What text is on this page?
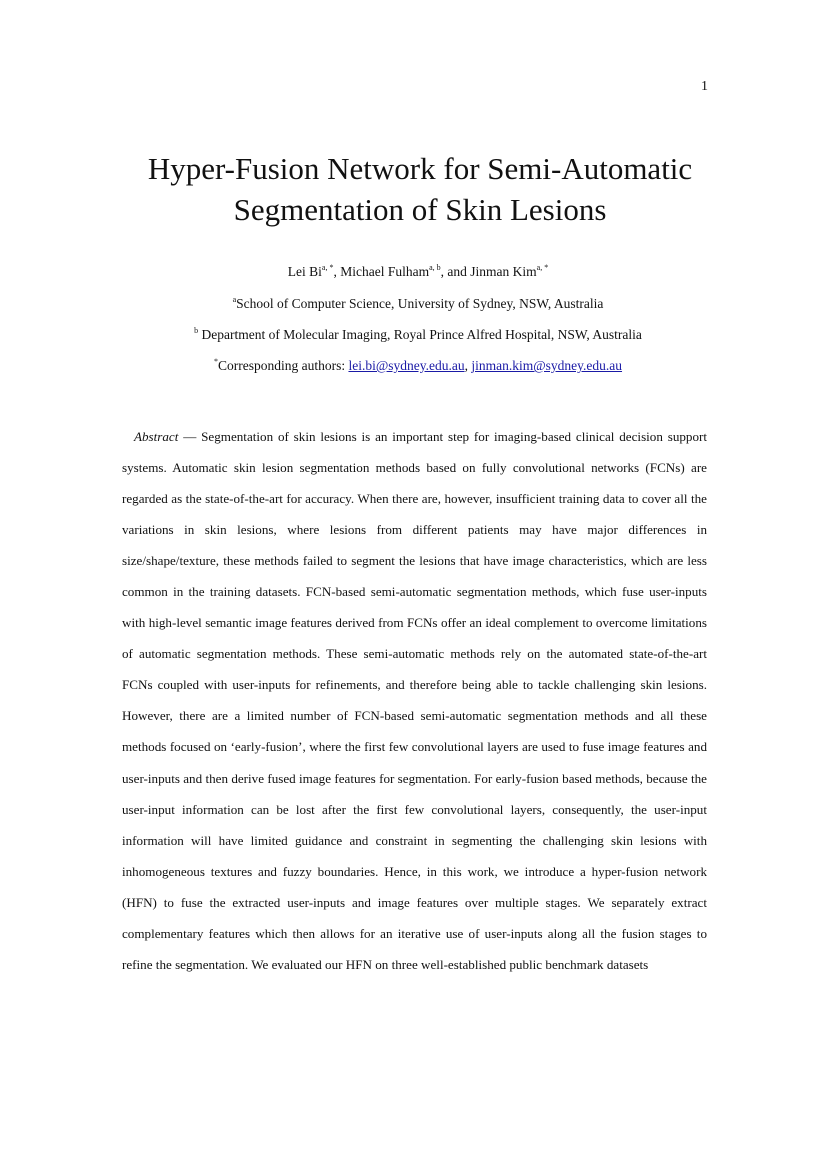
1
Hyper-Fusion Network for Semi-Automatic
Segmentation of Skin Lesions
Lei $Bi^{a, *}$, Michael Fulham$^{a, b}$, and Jinman Kim$^{a, *}$
$^a$School of Computer Science, University of Sydney, NSW, Australia
$^b$ Department of Molecular Imaging, Royal Prince Alfred Hospital, NSW, Australia
*Corresponding authors: lei.bi@sydney.edu.au, jinman.kim@sydney.edu.au

Abstract — Segmentation of skin lesions is an important step for imaging-based clinical decision support systems. Automatic skin lesion segmentation methods based on fully convolutional networks (FCNs) are regarded as the state-of-the-art for accuracy. When there are, however, insufficient training data to cover all the variations in skin lesions, where lesions from different patients may have major differences in size/shape/texture, these methods failed to segment the lesions that have image characteristics, which are less common in the training datasets. FCN-based semi-automatic segmentation methods, which fuse user-inputs with high-level semantic image features derived from FCNs offer an ideal complement to overcome limitations of automatic segmentation methods. These semi-automatic methods rely on the automated state-of-the-art FCNs coupled with user-inputs for refinements, and therefore being able to tackle challenging skin lesions. However, there are a limited number of FCN-based semi-automatic segmentation methods and all these methods focused on ‘early-fusion’, where the first few convolutional layers are used to fuse image features and user-inputs and then derive fused image features for segmentation. For early-fusion based methods, because the user-input information can be lost after the first few convolutional layers, consequently, the user-input information will have limited guidance and constraint in segmenting the challenging skin lesions with inhomogeneous textures and fuzzy boundaries. Hence, in this work, we introduce a hyper-fusion network (HFN) to fuse the extracted user-inputs and image features over multiple stages. We separately extract complementary features which then allows for an iterative use of user-inputs along all the fusion stages to refine the segmentation. We evaluated our HFN on three well-established public benchmark datasets
